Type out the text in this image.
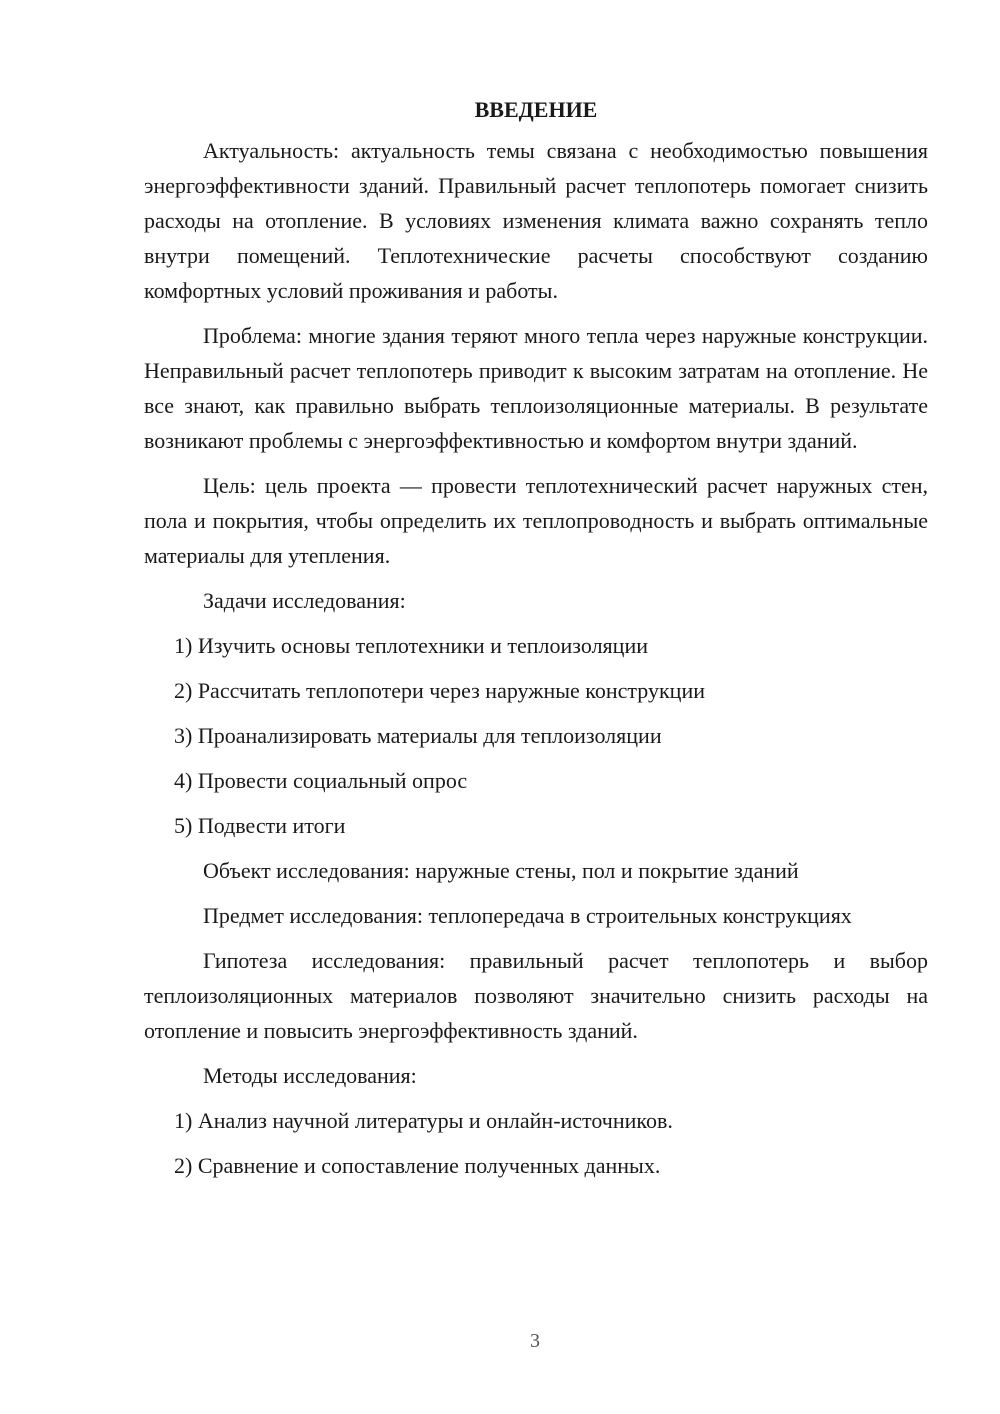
ВВЕДЕНИЕ

Актуальность: актуальность темы связана с необходимостью повышения энергоэффективности зданий. Правильный расчет теплопотерь помогает снизить расходы на отопление. В условиях изменения климата важно сохранять тепло внутри помещений. Теплотехнические расчеты способствуют созданию комфортных условий проживания и работы.

Проблема: многие здания теряют много тепла через наружные конструкции. Неправильный расчет теплопотерь приводит к высоким затратам на отопление. Не все знают, как правильно выбрать теплоизоляционные материалы. В результате возникают проблемы с энергоэффективностью и комфортом внутри зданий.

Цель: цель проекта — провести теплотехнический расчет наружных стен, пола и покрытия, чтобы определить их теплопроводность и выбрать оптимальные материалы для утепления.

Задачи исследования:

1) Изучить основы теплотехники и теплоизоляции

2) Рассчитать теплопотери через наружные конструкции

3) Проанализировать материалы для теплоизоляции

4) Провести социальный опрос

5) Подвести итоги

Объект исследования: наружные стены, пол и покрытие зданий

Предмет исследования: теплопередача в строительных конструкциях

Гипотеза исследования: правильный расчет теплопотерь и выбор теплоизоляционных материалов позволяют значительно снизить расходы на отопление и повысить энергоэффективность зданий.

Методы исследования:

1) Анализ научной литературы и онлайн-источников.

2) Сравнение и сопоставление полученных данных.

3
